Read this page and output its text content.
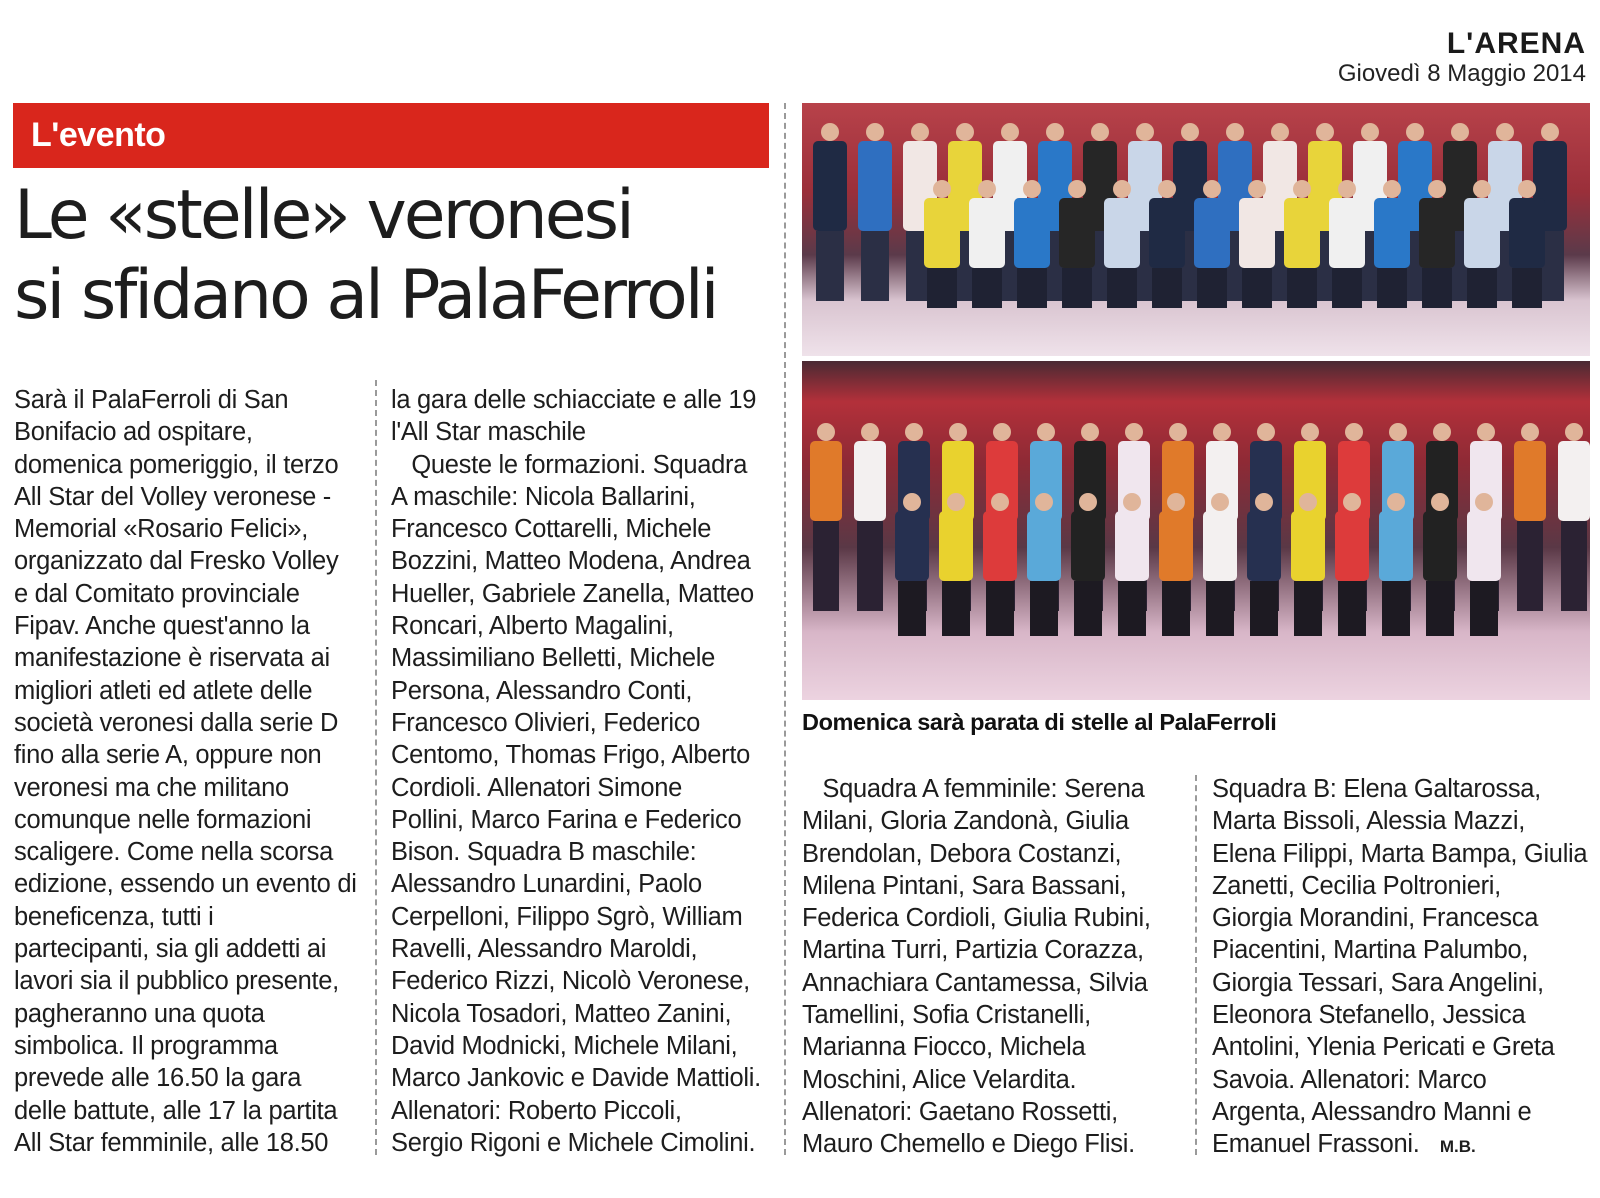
L'ARENA
Giovedì 8 Maggio 2014
L'evento
Le «stelle» veronesi
si sfidano al PalaFerroli
Sarà il PalaFerroli di San
Bonifacio ad ospitare,
domenica pomeriggio, il terzo
All Star del Volley veronese -
Memorial «Rosario Felici»,
organizzato dal Fresko Volley
e dal Comitato provinciale
Fipav. Anche quest'anno la
manifestazione è riservata ai
migliori atleti ed atlete delle
società veronesi dalla serie D
fino alla serie A, oppure non
veronesi ma che militano
comunque nelle formazioni
scaligere. Come nella scorsa
edizione, essendo un evento di
beneficenza, tutti i
partecipanti, sia gli addetti ai
lavori sia il pubblico presente,
pagheranno una quota
simbolica. Il programma
prevede alle 16.50 la gara
delle battute, alle 17 la partita
All Star femminile, alle 18.50
la gara delle schiacciate e alle 19
l'All Star maschile
Queste le formazioni. Squadra
A maschile: Nicola Ballarini,
Francesco Cottarelli, Michele
Bozzini, Matteo Modena, Andrea
Hueller, Gabriele Zanella, Matteo
Roncari, Alberto Magalini,
Massimiliano Belletti, Michele
Persona, Alessandro Conti,
Francesco Olivieri, Federico
Centomo, Thomas Frigo, Alberto
Cordioli. Allenatori Simone
Pollini, Marco Farina e Federico
Bison. Squadra B maschile:
Alessandro Lunardini, Paolo
Cerpelloni, Filippo Sgrò, William
Ravelli, Alessandro Maroldi,
Federico Rizzi, Nicolò Veronese,
Nicola Tosadori, Matteo Zanini,
David Modnicki, Michele Milani,
Marco Jankovic e Davide Mattioli.
Allenatori: Roberto Piccoli,
Sergio Rigoni e Michele Cimolini.
Squadra A femminile: Serena
Milani, Gloria Zandonà, Giulia
Brendolan, Debora Costanzi,
Milena Pintani, Sara Bassani,
Federica Cordioli, Giulia Rubini,
Martina Turri, Partizia Corazza,
Annachiara Cantamessa, Silvia
Tamellini, Sofia Cristanelli,
Marianna Fiocco, Michela
Moschini, Alice Velardita.
Allenatori: Gaetano Rossetti,
Mauro Chemello e Diego Flisi.
Squadra B: Elena Galtarossa,
Marta Bissoli, Alessia Mazzi,
Elena Filippi, Marta Bampa, Giulia
Zanetti, Cecilia Poltronieri,
Giorgia Morandini, Francesca
Piacentini, Martina Palumbo,
Giorgia Tessari, Sara Angelini,
Eleonora Stefanello, Jessica
Antolini, Ylenia Pericati e Greta
Savoia. Allenatori: Marco
Argenta, Alessandro Manni e
Emanuel Frassoni. M.B.
Domenica sarà parata di stelle al PalaFerroli
